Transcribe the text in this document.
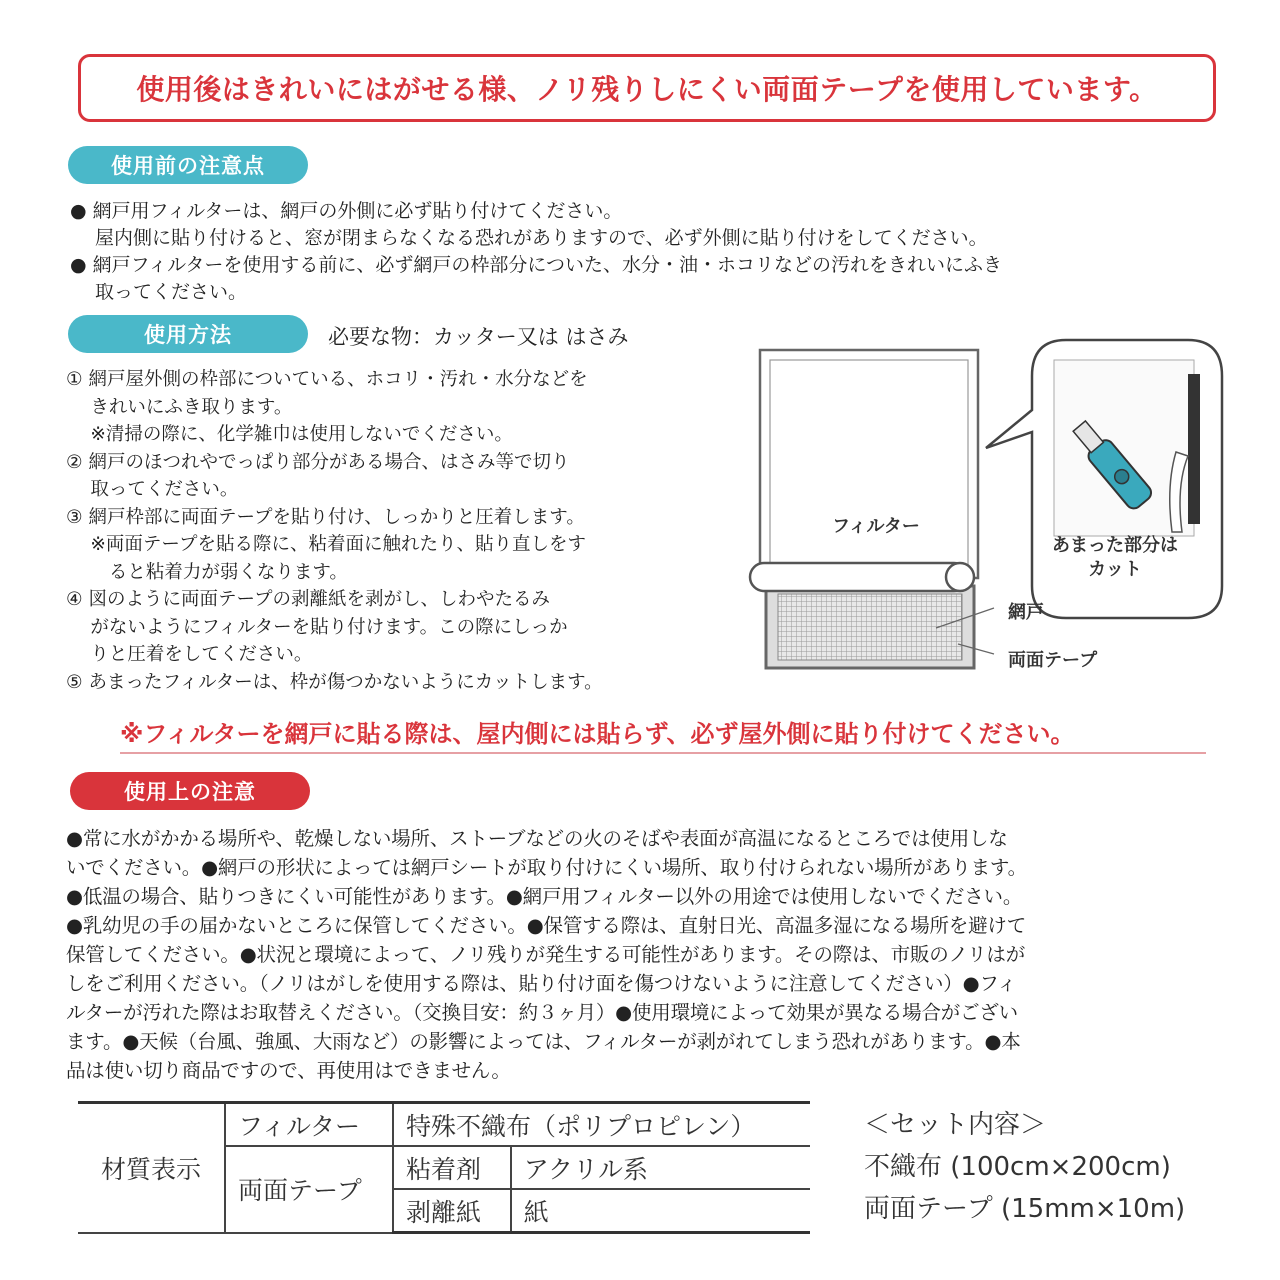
使用後はきれいにはがせる様、ノリ残りしにくい両面テープを使用しています。
使用前の注意点
● 網戸用フィルターは、網戸の外側に必ず貼り付けてください。
　 屋内側に貼り付けると、窓が閉まらなくなる恐れがありますので、必ず外側に貼り付けをしてください。
● 網戸フィルターを使用する前に、必ず網戸の枠部分についた、水分・油・ホコリなどの汚れをきれいにふき
　 取ってください。
使用方法	必要な物：カッター又は はさみ
① 網戸屋外側の枠部についている、ホコリ・汚れ・水分などを
　 きれいにふき取ります。
　 ※清掃の際に、化学雑巾は使用しないでください。
② 網戸のほつれやでっぱり部分がある場合、はさみ等で切り
　 取ってください。
③ 網戸枠部に両面テープを貼り付け、しっかりと圧着します。
　 ※両面テープを貼る際に、粘着面に触れたり、貼り直しをす
　 　ると粘着力が弱くなります。
④ 図のように両面テープの剥離紙を剥がし、しわやたるみ
　 がないようにフィルターを貼り付けます。この際にしっか
　 りと圧着をしてください。
⑤ あまったフィルターは、枠が傷つかないようにカットします。
フィルター
網戸
両面テープ
あまった部分は
カット
※フィルターを網戸に貼る際は、屋内側には貼らず、必ず屋外側に貼り付けてください。
使用上の注意
●常に水がかかる場所や、乾燥しない場所、ストーブなどの火のそばや表面が高温になるところでは使用しな
いでください。●網戸の形状によっては網戸シートが取り付けにくい場所、取り付けられない場所があります。
●低温の場合、貼りつきにくい可能性があります。●網戸用フィルター以外の用途では使用しないでください。
●乳幼児の手の届かないところに保管してください。●保管する際は、直射日光、高温多湿になる場所を避けて
保管してください。●状況と環境によって、ノリ残りが発生する可能性があります。その際は、市販のノリはが
しをご利用ください。（ノリはがしを使用する際は、貼り付け面を傷つけないように注意してください）●フィ
ルターが汚れた際はお取替えください。（交換目安：約３ヶ月）●使用環境によって効果が異なる場合がござい
ます。●天候（台風、強風、大雨など）の影響によっては、フィルターが剥がれてしまう恐れがあります。●本
品は使い切り商品ですので、再使用はできません。
材質表示	フィルター	特殊不織布（ポリプロピレン）	
	両面テープ	粘着剤	アクリル系
		剥離紙	紙
＜セット内容＞
不織布 (100cm×200cm)
両面テープ (15mm×10m)
